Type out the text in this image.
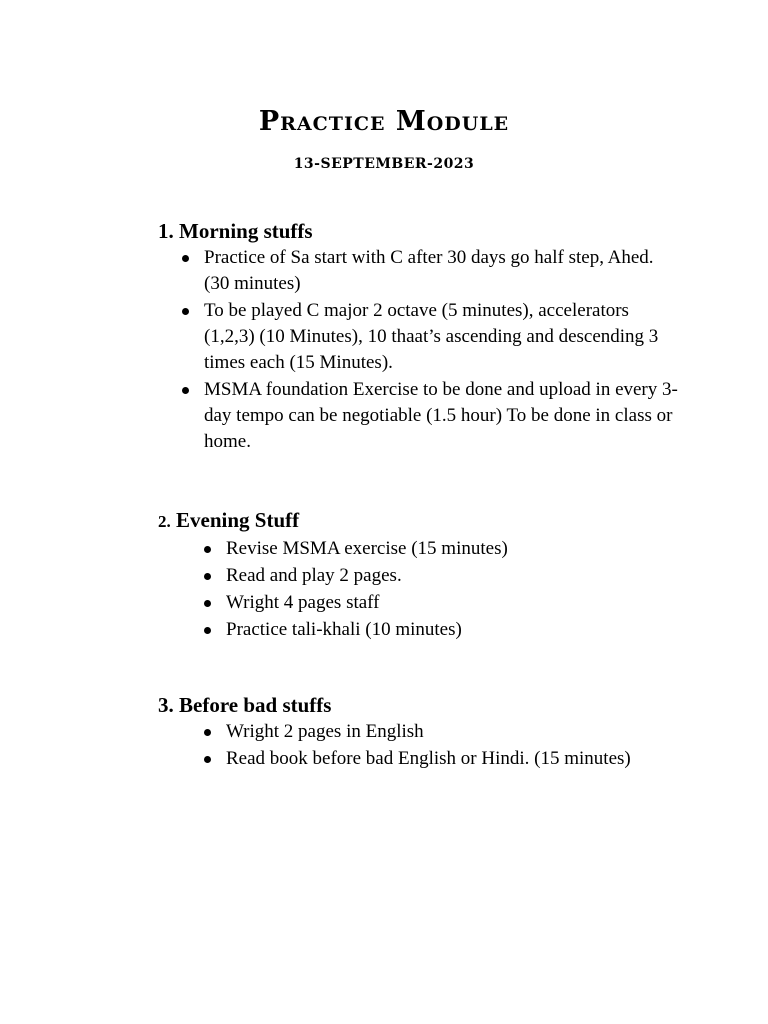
Practice Module
13-SEPTEMBER-2023
1. Morning stuffs
Practice of Sa start with C after 30 days go half step, Ahed. (30 minutes)
To be played C major 2 octave (5 minutes), accelerators (1,2,3) (10 Minutes), 10 thaat’s ascending and descending 3 times each (15 Minutes).
MSMA foundation Exercise to be done and upload in every 3-day tempo can be negotiable (1.5 hour) To be done in class or home.
2. Evening Stuff
Revise MSMA exercise (15 minutes)
Read and play 2 pages.
Wright 4 pages staff
Practice tali-khali (10 minutes)
3. Before bad stuffs
Wright 2 pages in English
Read book before bad English or Hindi. (15 minutes)
